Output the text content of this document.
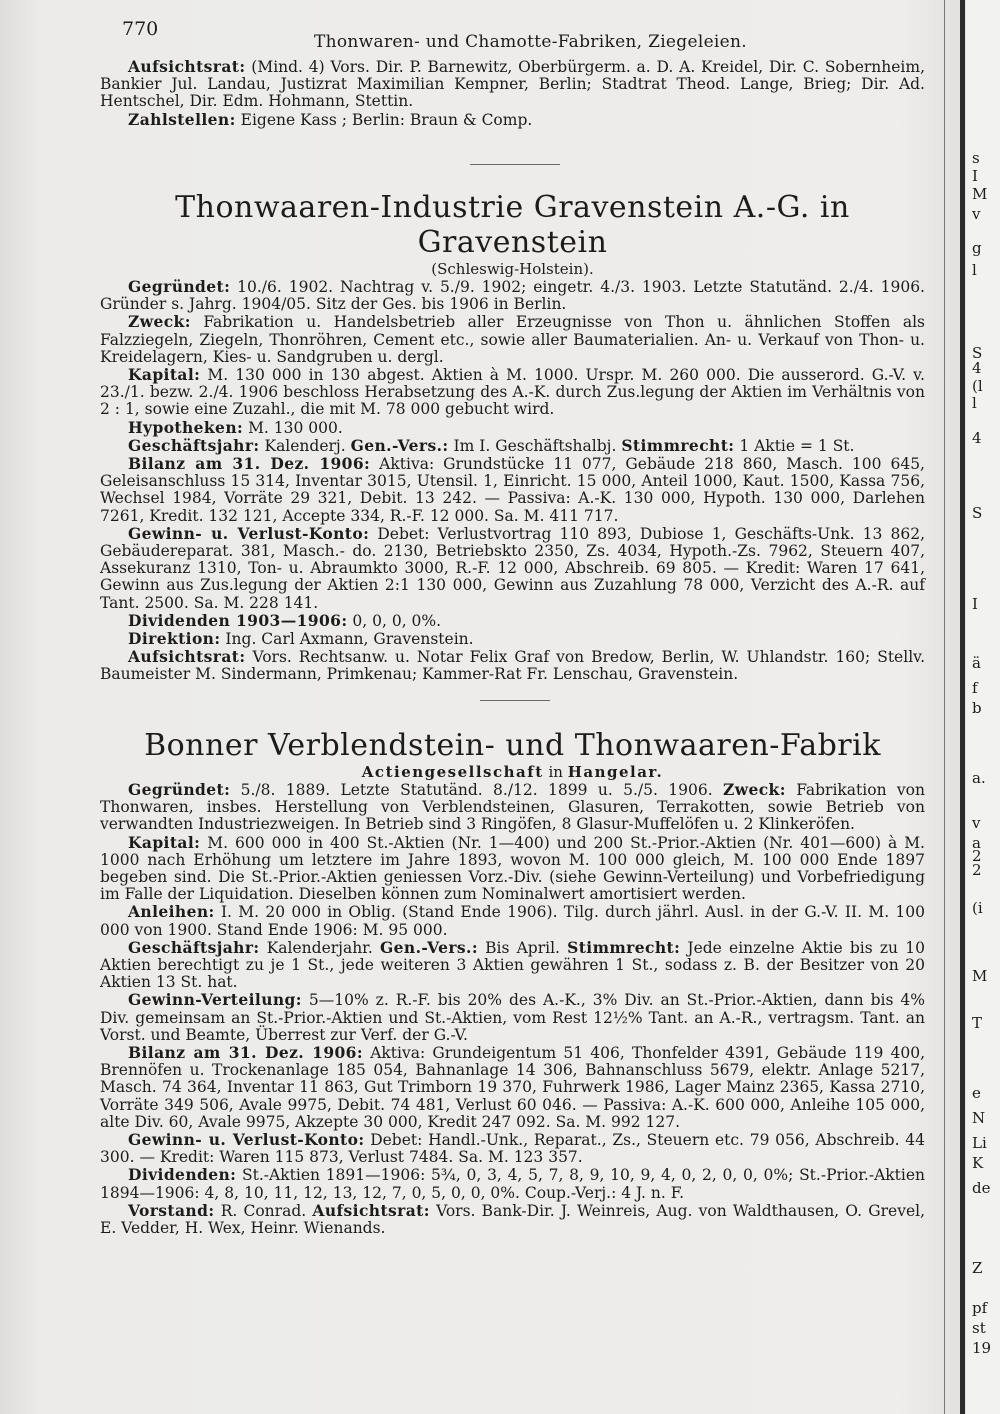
770
Thonwaren- und Chamotte-Fabriken, Ziegeleien.

Aufsichtsrat: (Mind. 4) Vors. Dir. P. Barnewitz, Oberbürgerm. a. D. A. Kreidel, Dir. C. Sobernheim, Bankier Jul. Landau, Justizrat Maximilian Kempner, Berlin; Stadtrat Theod. Lange, Brieg; Dir. Ad. Hentschel, Dir. Edm. Hohmann, Stettin.

Zahlstellen: Eigene Kass ; Berlin: Braun & Comp.

Thonwaaren-Industrie Gravenstein A.-G. in Gravenstein

(Schleswig-Holstein).

Gegründet: 10./6. 1902. Nachtrag v. 5./9. 1902; eingetr. 4./3. 1903. Letzte Statutänd. 2./4. 1906. Gründer s. Jahrg. 1904/05. Sitz der Ges. bis 1906 in Berlin.

Zweck: Fabrikation u. Handelsbetrieb aller Erzeugnisse von Thon u. ähnlichen Stoffen als Falzziegeln, Ziegeln, Thonröhren, Cement etc., sowie aller Baumaterialien. An- u. Verkauf von Thon- u. Kreidelagern, Kies- u. Sandgruben u. dergl.

Kapital: M. 130 000 in 130 abgest. Aktien à M. 1000. Urspr. M. 260 000. Die ausserord. G.-V. v. 23./1. bezw. 2./4. 1906 beschloss Herabsetzung des A.-K. durch Zus.legung der Aktien im Verhältnis von 2 : 1, sowie eine Zuzahl., die mit M. 78 000 gebucht wird.

Hypotheken: M. 130 000.

Geschäftsjahr: Kalenderj. Gen.-Vers.: Im I. Geschäftshalbj. Stimmrecht: 1 Aktie = 1 St.

Bilanz am 31. Dez. 1906: Aktiva: Grundstücke 11 077, Gebäude 218 860, Masch. 100 645, Geleisanschluss 15 314, Inventar 3015, Utensil. 1, Einricht. 15 000, Anteil 1000, Kaut. 1500, Kassa 756, Wechsel 1984, Vorräte 29 321, Debit. 13 242. — Passiva: A.-K. 130 000, Hypoth. 130 000, Darlehen 7261, Kredit. 132 121, Accepte 334, R.-F. 12 000. Sa. M. 411 717.

Gewinn- u. Verlust-Konto: Debet: Verlustvortrag 110 893, Dubiose 1, Geschäfts-Unk. 13 862, Gebäudereparat. 381, Masch.- do. 2130, Betriebskto 2350, Zs. 4034, Hypoth.-Zs. 7962, Steuern 407, Assekuranz 1310, Ton- u. Abraumkto 3000, R.-F. 12 000, Abschreib. 69 805. — Kredit: Waren 17 641, Gewinn aus Zus.legung der Aktien 2:1 130 000, Gewinn aus Zuzahlung 78 000, Verzicht des A.-R. auf Tant. 2500. Sa. M. 228 141.

Dividenden 1903—1906: 0, 0, 0, 0%.

Direktion: Ing. Carl Axmann, Gravenstein.

Aufsichtsrat: Vors. Rechtsanw. u. Notar Felix Graf von Bredow, Berlin, W. Uhlandstr. 160; Stellv. Baumeister M. Sindermann, Primkenau; Kammer-Rat Fr. Lenschau, Gravenstein.

Bonner Verblendstein- und Thonwaaren-Fabrik

Actiengesellschaft in Hangelar.

Gegründet: 5./8. 1889. Letzte Statutänd. 8./12. 1899 u. 5./5. 1906. Zweck: Fabrikation von Thonwaren, insbes. Herstellung von Verblendsteinen, Glasuren, Terrakotten, sowie Betrieb von verwandten Industriezweigen. In Betrieb sind 3 Ringöfen, 8 Glasur-Muffelöfen u. 2 Klinkeröfen.

Kapital: M. 600 000 in 400 St.-Aktien (Nr. 1—400) und 200 St.-Prior.-Aktien (Nr. 401—600) à M. 1000 nach Erhöhung um letztere im Jahre 1893, wovon M. 100 000 gleich, M. 100 000 Ende 1897 begeben sind. Die St.-Prior.-Aktien geniessen Vorz.-Div. (siehe Gewinn-Verteilung) und Vorbefriedigung im Falle der Liquidation. Dieselben können zum Nominalwert amortisiert werden.

Anleihen: I. M. 20 000 in Oblig. (Stand Ende 1906). Tilg. durch jährl. Ausl. in der G.-V. II. M. 100 000 von 1900. Stand Ende 1906: M. 95 000.

Geschäftsjahr: Kalenderjahr. Gen.-Vers.: Bis April. Stimmrecht: Jede einzelne Aktie bis zu 10 Aktien berechtigt zu je 1 St., jede weiteren 3 Aktien gewähren 1 St., sodass z. B. der Besitzer von 20 Aktien 13 St. hat.

Gewinn-Verteilung: 5—10% z. R.-F. bis 20% des A.-K., 3% Div. an St.-Prior.-Aktien, dann bis 4% Div. gemeinsam an St.-Prior.-Aktien und St.-Aktien, vom Rest 12½% Tant. an A.-R., vertragsm. Tant. an Vorst. und Beamte, Überrest zur Verf. der G.-V.

Bilanz am 31. Dez. 1906: Aktiva: Grundeigentum 51 406, Thonfelder 4391, Gebäude 119 400, Brennöfen u. Trockenanlage 185 054, Bahnanlage 14 306, Bahnanschluss 5679, elektr. Anlage 5217, Masch. 74 364, Inventar 11 863, Gut Trimborn 19 370, Fuhrwerk 1986, Lager Mainz 2365, Kassa 2710, Vorräte 349 506, Avale 9975, Debit. 74 481, Verlust 60 046. — Passiva: A.-K. 600 000, Anleihe 105 000, alte Div. 60, Avale 9975, Akzepte 30 000, Kredit 247 092. Sa. M. 992 127.

Gewinn- u. Verlust-Konto: Debet: Handl.-Unk., Reparat., Zs., Steuern etc. 79 056, Abschreib. 44 300. — Kredit: Waren 115 873, Verlust 7484. Sa. M. 123 357.

Dividenden: St.-Aktien 1891—1906: 5¾, 0, 3, 4, 5, 7, 8, 9, 10, 9, 4, 0, 2, 0, 0, 0%; St.-Prior.-Aktien 1894—1906: 4, 8, 10, 11, 12, 13, 12, 7, 0, 5, 0, 0, 0%. Coup.-Verj.: 4 J. n. F.

Vorstand: R. Conrad. Aufsichtsrat: Vors. Bank-Dir. J. Weinreis, Aug. von Waldthausen, O. Grevel, E. Vedder, H. Wex, Heinr. Wienands.

s
I
M
v
g
l
S
4
(l
l
4
S
I
ä
f
b
a.
v
a
2
2
(i
M
T
e
N
Li
K
de
Z
pf
st
19
